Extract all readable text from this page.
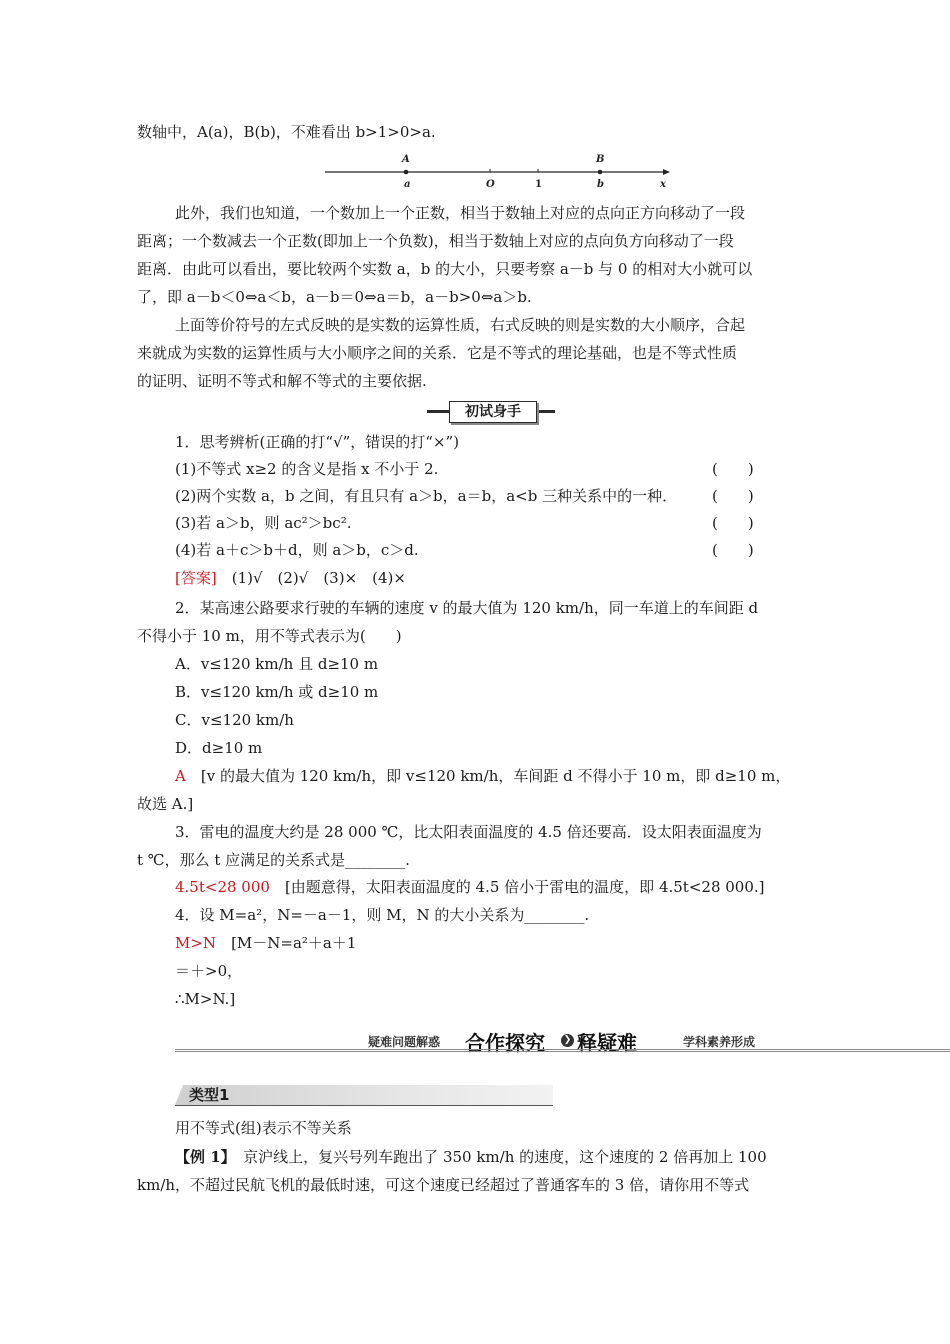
数轴中，A(a)，B(b)，不难看出 b>1>0>a.
A	B
a	O	1	b	x
此外，我们也知道，一个数加上一个正数，相当于数轴上对应的点向正方向移动了一段
距离；一个数减去一个正数(即加上一个负数)，相当于数轴上对应的点向负方向移动了一段
距离．由此可以看出，要比较两个实数 a，b 的大小，只要考察 a－b 与 0 的相对大小就可以
了，即 a－b＜0⇔a＜b，a－b＝0⇔a＝b，a－b>0⇔a＞b.
上面等价符号的左式反映的是实数的运算性质，右式反映的则是实数的大小顺序，合起
来就成为实数的运算性质与大小顺序之间的关系．它是不等式的理论基础，也是不等式性质
的证明、证明不等式和解不等式的主要依据.
初试身手
1．思考辨析(正确的打“√”，错误的打“×”)
(1)不等式 x≥2 的含义是指 x 不小于 2.	(　　)
(2)两个实数 a，b 之间，有且只有 a＞b，a＝b，a<b 三种关系中的一种． (　　)
(3)若 a＞b，则 ac²＞bc².	(　　)
(4)若 a＋c＞b＋d，则 a＞b，c＞d.	(　　)
[答案]　(1)√　(2)√　(3)×　(4)×
2．某高速公路要求行驶的车辆的速度 v 的最大值为 120 km/h，同一车道上的车间距 d
不得小于 10 m，用不等式表示为(　　)
A．v≤120 km/h 且 d≥10 m
B．v≤120 km/h 或 d≥10 m
C．v≤120 km/h
D．d≥10 m
A　[v 的最大值为 120 km/h，即 v≤120 km/h，车间距 d 不得小于 10 m，即 d≥10 m，
故选 A.]
3．雷电的温度大约是 28 000 ℃，比太阳表面温度的 4.5 倍还要高．设太阳表面温度为
t ℃，那么 t 应满足的关系式是________.
4.5t<28 000　[由题意得，太阳表面温度的 4.5 倍小于雷电的温度，即 4.5t<28 000.]
4．设 M=a²，N=－a－1，则 M，N 的大小关系为________.
M>N　[M－N=a²＋a＋1
＝＋>0，
∴M>N.]
疑难问题解惑 合作探究	❯ 释疑难	学科素养形成
类型1
用不等式(组)表示不等关系
【例 1】　京沪线上，复兴号列车跑出了 350 km/h 的速度，这个速度的 2 倍再加上 100
km/h，不超过民航飞机的最低时速，可这个速度已经超过了普通客车的 3 倍，请你用不等式
